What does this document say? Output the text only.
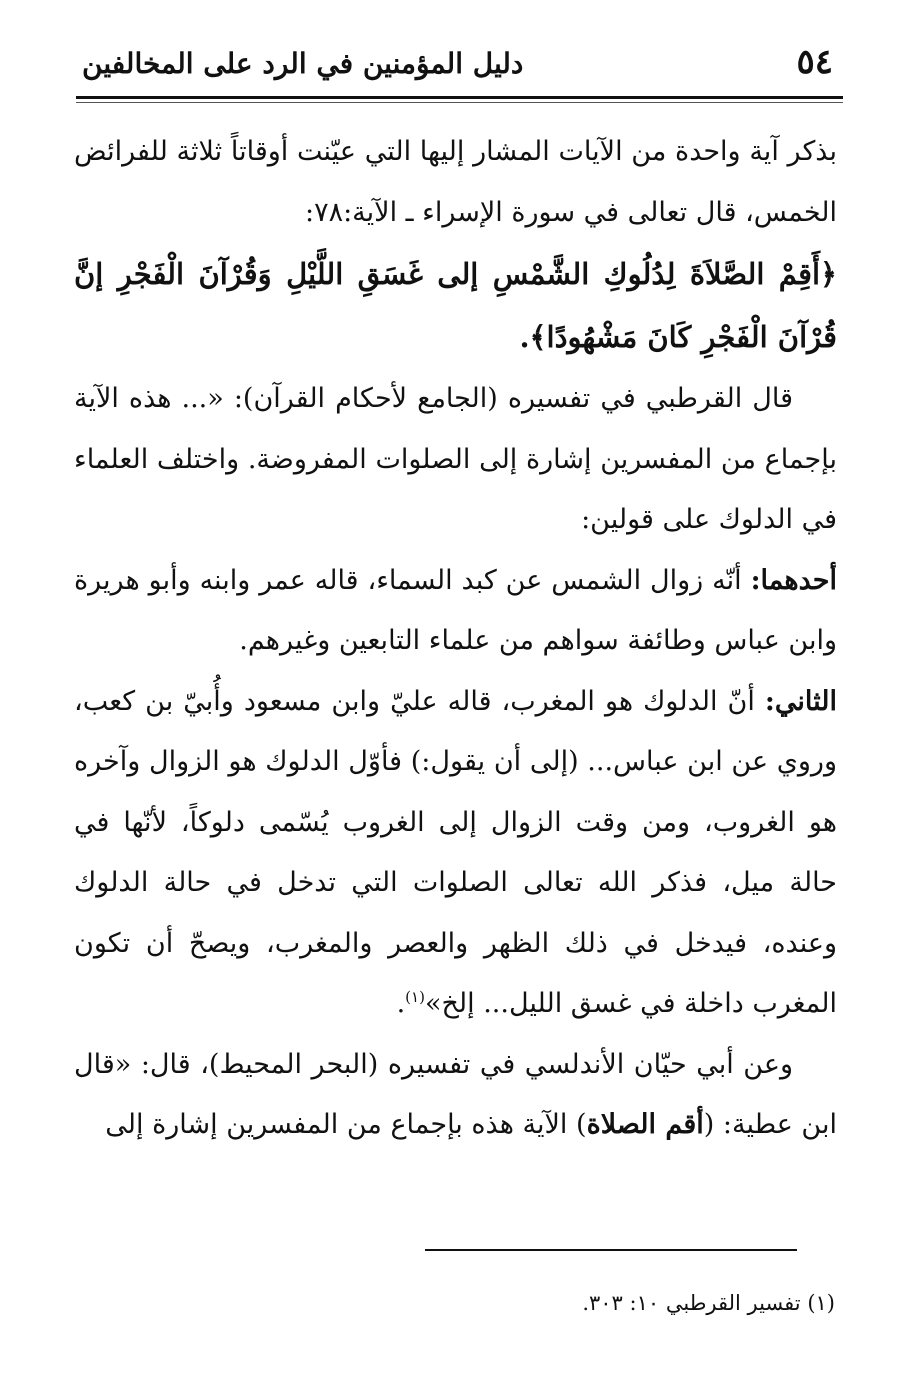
٥٤
دليل المؤمنين في الرد على المخالفين

بذكر آية واحدة من الآيات المشار إليها التي عيّنت أوقاتاً ثلاثة للفرائض الخمس، قال تعالى في سورة الإسراء ـ الآية:٧٨:

﴿أَقِمْ الصَّلاَةَ لِدُلُوكِ الشَّمْسِ إلى غَسَقِ اللَّيْلِ وَقُرْآنَ الْفَجْرِ إنَّ قُرْآنَ الْفَجْرِ كَانَ مَشْهُودًا﴾.

قال القرطبي في تفسيره (الجامع لأحكام القرآن): «... هذه الآية بإجماع من المفسرين إشارة إلى الصلوات المفروضة. واختلف العلماء في الدلوك على قولين:

أحدهما: أنّه زوال الشمس عن كبد السماء، قاله عمر وابنه وأبو هريرة وابن عباس وطائفة سواهم من علماء التابعين وغيرهم.

الثاني: أنّ الدلوك هو المغرب، قاله عليّ وابن مسعود وأُبيّ بن كعب، وروي عن ابن عباس... (إلى أن يقول:) فأوّل الدلوك هو الزوال وآخره هو الغروب، ومن وقت الزوال إلى الغروب يُسّمى دلوكاً، لأنّها في حالة ميل، فذكر الله تعالى الصلوات التي تدخل في حالة الدلوك وعنده، فيدخل في ذلك الظهر والعصر والمغرب، ويصحّ أن تكون المغرب داخلة في غسق الليل... إلخ»$^{(١)}$.

وعن أبي حيّان الأندلسي في تفسيره (البحر المحيط)، قال: «قال ابن عطية: (أقم الصلاة) الآية هذه بإجماع من المفسرين إشارة إلى

(١) تفسير القرطبي ١٠: ٣٠٣.
